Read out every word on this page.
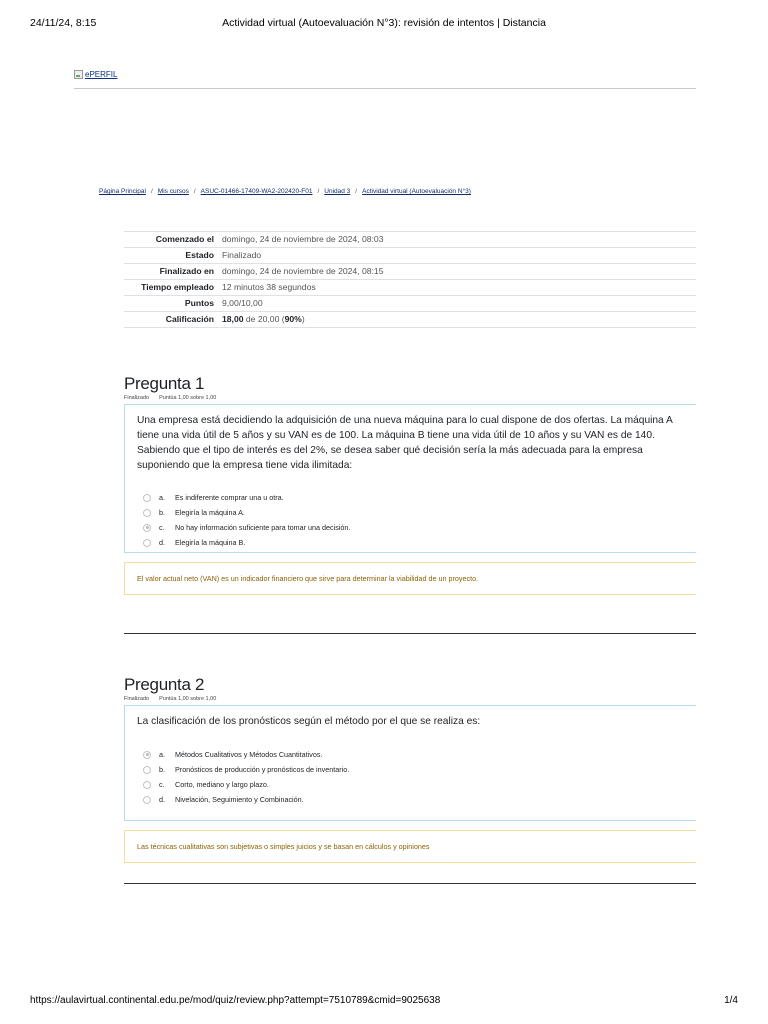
24/11/24, 8:15	Actividad virtual (Autoevaluación N°3): revisión de intentos | Distancia
ePERFIL
Página Principal / Mis cursos / ASUC-01466-17409-WA2-202420-F01 / Unidad 3 / Actividad virtual (Autoevaluación N°3)
Comenzado el	domingo, 24 de noviembre de 2024, 08:03
Estado	Finalizado
Finalizado en	domingo, 24 de noviembre de 2024, 08:15
Tiempo empleado	12 minutos 38 segundos
Puntos	9,00/10,00
Calificación	18,00 de 20,00 (90%)
Pregunta 1
Finalizado Puntúa 1,00 sobre 1,00
Una empresa está decidiendo la adquisición de una nueva máquina para lo cual dispone de dos ofertas. La máquina A tiene una vida útil de 5 años y su VAN es de 100. La máquina B tiene una vida útil de 10 años y su VAN es de 140. Sabiendo que el tipo de interés es del 2%, se desea saber qué decisión sería la más adecuada para la empresa suponiendo que la empresa tiene vida ilimitada:
a.	Es indiferente comprar una u otra.
b.	Elegiría la máquina A.
c.	No hay información suficiente para tomar una decisión.
d.	Elegiría la máquina B.
El valor actual neto (VAN) es un indicador financiero que sirve para determinar la viabilidad de un proyecto.
Pregunta 2
Finalizado Puntúa 1,00 sobre 1,00
La clasificación de los pronósticos según el método por el que se realiza es:
a.	Métodos Cualitativos y Métodos Cuantitativos.
b.	Pronósticos de producción y pronósticos de inventario.
c.	Corto, mediano y largo plazo.
d.	Nivelación, Seguimiento y Combinación.
Las técnicas cualitativas son subjetivas o simples juicios y se basan en cálculos y opiniones
https://aulavirtual.continental.edu.pe/mod/quiz/review.php?attempt=7510789&cmid=9025638	1/4
